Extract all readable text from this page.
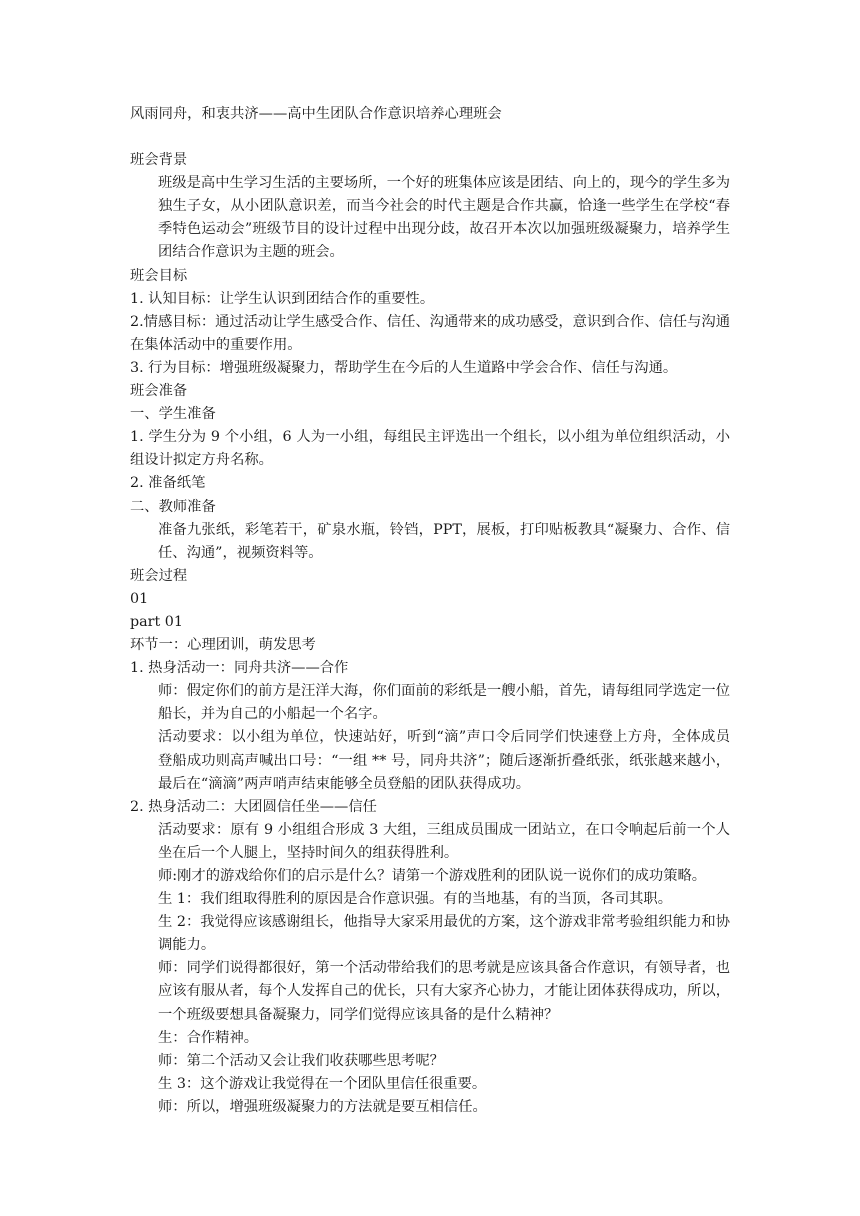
风雨同舟，和衷共济——高中生团队合作意识培养心理班会
班会背景
班级是高中生学习生活的主要场所，一个好的班集体应该是团结、向上的，现今的学生多为独生子女，从小团队意识差，而当今社会的时代主题是合作共赢，恰逢一些学生在学校“春季特色运动会”班级节目的设计过程中出现分歧，故召开本次以加强班级凝聚力，培养学生团结合作意识为主题的班会。
班会目标
1. 认知目标：让学生认识到团结合作的重要性。
2.情感目标：通过活动让学生感受合作、信任、沟通带来的成功感受，意识到合作、信任与沟通在集体活动中的重要作用。
3. 行为目标：增强班级凝聚力，帮助学生在今后的人生道路中学会合作、信任与沟通。
班会准备
一、学生准备
1. 学生分为 9 个小组，6 人为一小组，每组民主评选出一个组长，以小组为单位组织活动，小组设计拟定方舟名称。
2. 准备纸笔
二、教师准备
准备九张纸，彩笔若干，矿泉水瓶，铃铛，PPT，展板，打印贴板教具“凝聚力、合作、信任、沟通”，视频资料等。
班会过程
01
part 01
环节一：心理团训，萌发思考
1. 热身活动一：同舟共济——合作
师：假定你们的前方是汪洋大海，你们面前的彩纸是一艘小船，首先，请每组同学选定一位船长，并为自己的小船起一个名字。
活动要求：以小组为单位，快速站好，听到“滴”声口令后同学们快速登上方舟，全体成员登船成功则高声喊出口号：“一组 ** 号，同舟共济”；随后逐渐折叠纸张，纸张越来越小，最后在“滴滴”两声哨声结束能够全员登船的团队获得成功。
2. 热身活动二：大团圆信任坐——信任
活动要求：原有 9 小组组合形成 3 大组，三组成员围成一团站立，在口令响起后前一个人坐在后一个人腿上，坚持时间久的组获得胜利。
师:刚才的游戏给你们的启示是什么？请第一个游戏胜利的团队说一说你们的成功策略。
生 1：我们组取得胜利的原因是合作意识强。有的当地基，有的当顶，各司其职。
生 2：我觉得应该感谢组长，他指导大家采用最优的方案，这个游戏非常考验组织能力和协调能力。
师：同学们说得都很好，第一个活动带给我们的思考就是应该具备合作意识，有领导者，也应该有服从者，每个人发挥自己的优长，只有大家齐心协力，才能让团体获得成功，所以，一个班级要想具备凝聚力，同学们觉得应该具备的是什么精神？
生：合作精神。
师：第二个活动又会让我们收获哪些思考呢？
生 3：这个游戏让我觉得在一个团队里信任很重要。
师：所以，增强班级凝聚力的方法就是要互相信任。
